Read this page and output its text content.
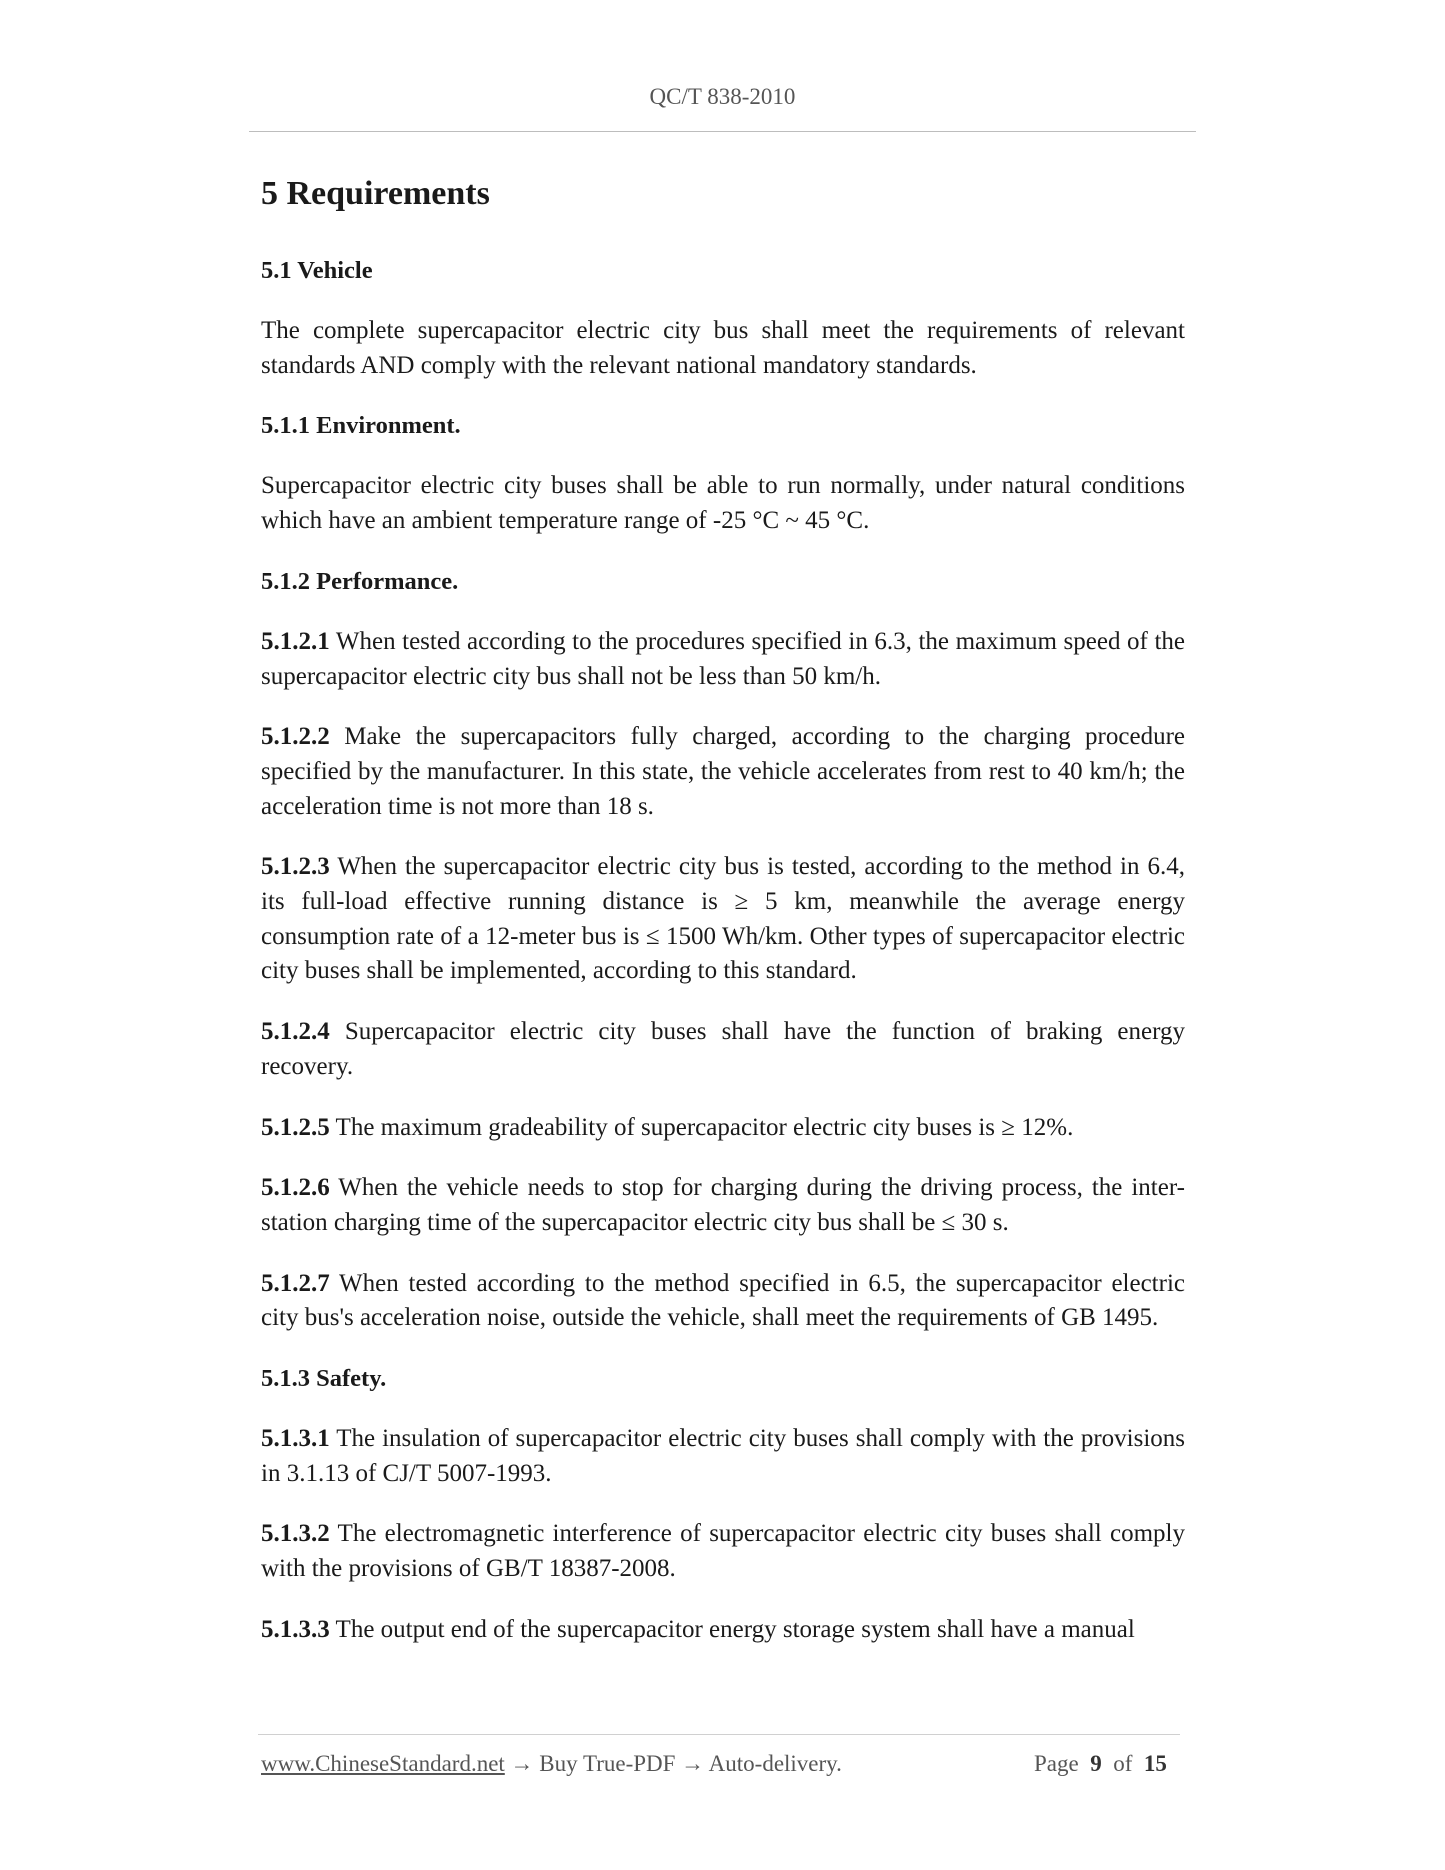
QC/T 838-2010
5 Requirements
5.1 Vehicle

The complete supercapacitor electric city bus shall meet the requirements of relevant standards AND comply with the relevant national mandatory standards.

5.1.1 Environment.

Supercapacitor electric city buses shall be able to run normally, under natural conditions which have an ambient temperature range of -25 °C ~ 45 °C.

5.1.2 Performance.

5.1.2.1 When tested according to the procedures specified in 6.3, the maximum speed of the supercapacitor electric city bus shall not be less than 50 km/h.

5.1.2.2 Make the supercapacitors fully charged, according to the charging procedure specified by the manufacturer. In this state, the vehicle accelerates from rest to 40 km/h; the acceleration time is not more than 18 s.

5.1.2.3 When the supercapacitor electric city bus is tested, according to the method in 6.4, its full-load effective running distance is ≥ 5 km, meanwhile the average energy consumption rate of a 12-meter bus is ≤ 1500 Wh/km. Other types of supercapacitor electric city buses shall be implemented, according to this standard.

5.1.2.4 Supercapacitor electric city buses shall have the function of braking energy recovery.

5.1.2.5 The maximum gradeability of supercapacitor electric city buses is ≥ 12%.

5.1.2.6 When the vehicle needs to stop for charging during the driving process, the inter-station charging time of the supercapacitor electric city bus shall be ≤ 30 s.

5.1.2.7 When tested according to the method specified in 6.5, the supercapacitor electric city bus's acceleration noise, outside the vehicle, shall meet the requirements of GB 1495.

5.1.3 Safety.

5.1.3.1 The insulation of supercapacitor electric city buses shall comply with the provisions in 3.1.13 of CJ/T 5007-1993.

5.1.3.2 The electromagnetic interference of supercapacitor electric city buses shall comply with the provisions of GB/T 18387-2008.

5.1.3.3 The output end of the supercapacitor energy storage system shall have a manual

www.ChineseStandard.net → Buy True-PDF → Auto-delivery.	Page 9 of 15
